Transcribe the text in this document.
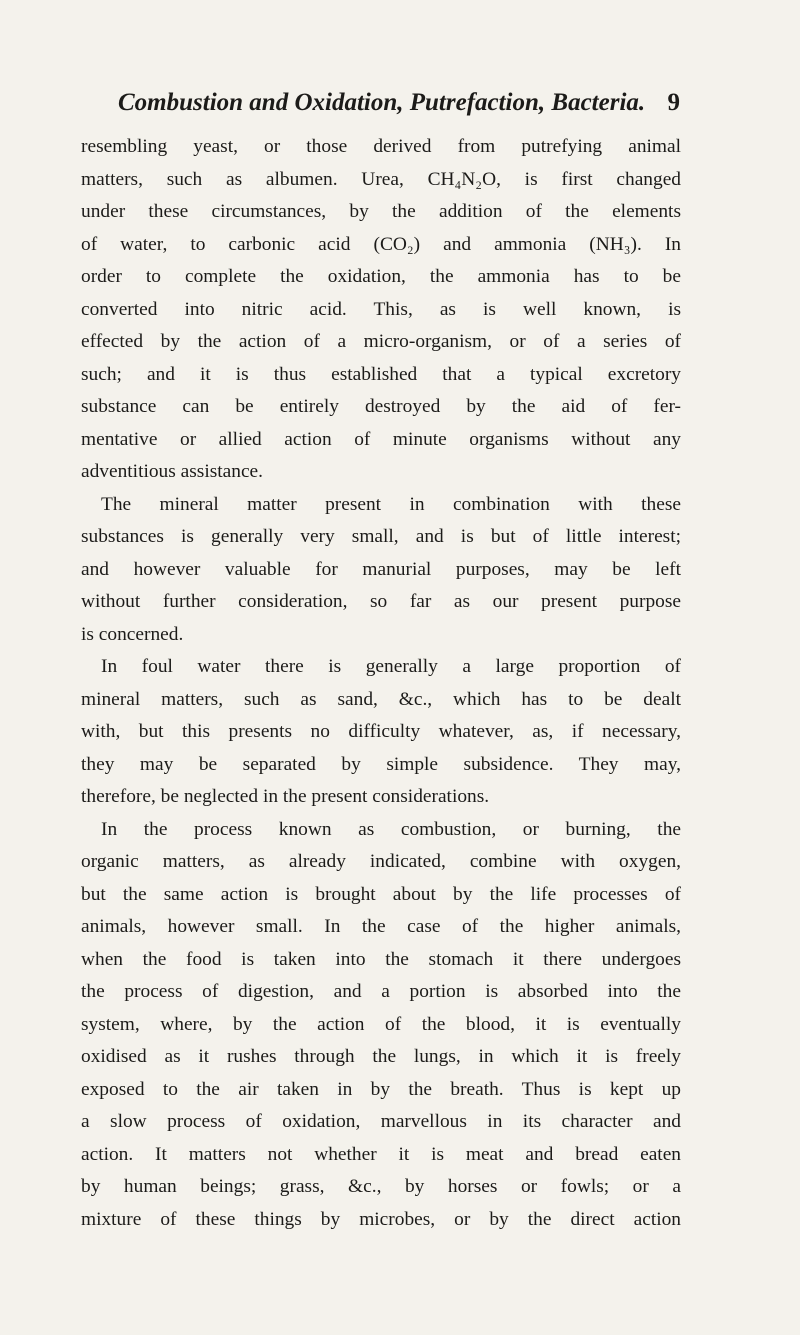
Combustion and Oxidation, Putrefaction, Bacteria. 9
resembling yeast, or those derived from putrefying animal
matters, such as albumen. Urea, CH₄N₂O, is first changed
under these circumstances, by the addition of the elements
of water, to carbonic acid (CO₂) and ammonia (NH₃). In
order to complete the oxidation, the ammonia has to be
converted into nitric acid. This, as is well known, is
effected by the action of a micro-organism, or of a series of
such; and it is thus established that a typical excretory
substance can be entirely destroyed by the aid of fer-
mentative or allied action of minute organisms without any
adventitious assistance.
The mineral matter present in combination with these
substances is generally very small, and is but of little interest;
and however valuable for manurial purposes, may be left
without further consideration, so far as our present purpose
is concerned.
In foul water there is generally a large proportion of
mineral matters, such as sand, &c., which has to be dealt
with, but this presents no difficulty whatever, as, if necessary,
they may be separated by simple subsidence. They may,
therefore, be neglected in the present considerations.
In the process known as combustion, or burning, the
organic matters, as already indicated, combine with oxygen,
but the same action is brought about by the life processes of
animals, however small. In the case of the higher animals,
when the food is taken into the stomach it there undergoes
the process of digestion, and a portion is absorbed into the
system, where, by the action of the blood, it is eventually
oxidised as it rushes through the lungs, in which it is freely
exposed to the air taken in by the breath. Thus is kept up
a slow process of oxidation, marvellous in its character and
action. It matters not whether it is meat and bread eaten
by human beings; grass, &c., by horses or fowls; or a
mixture of these things by microbes, or by the direct action
